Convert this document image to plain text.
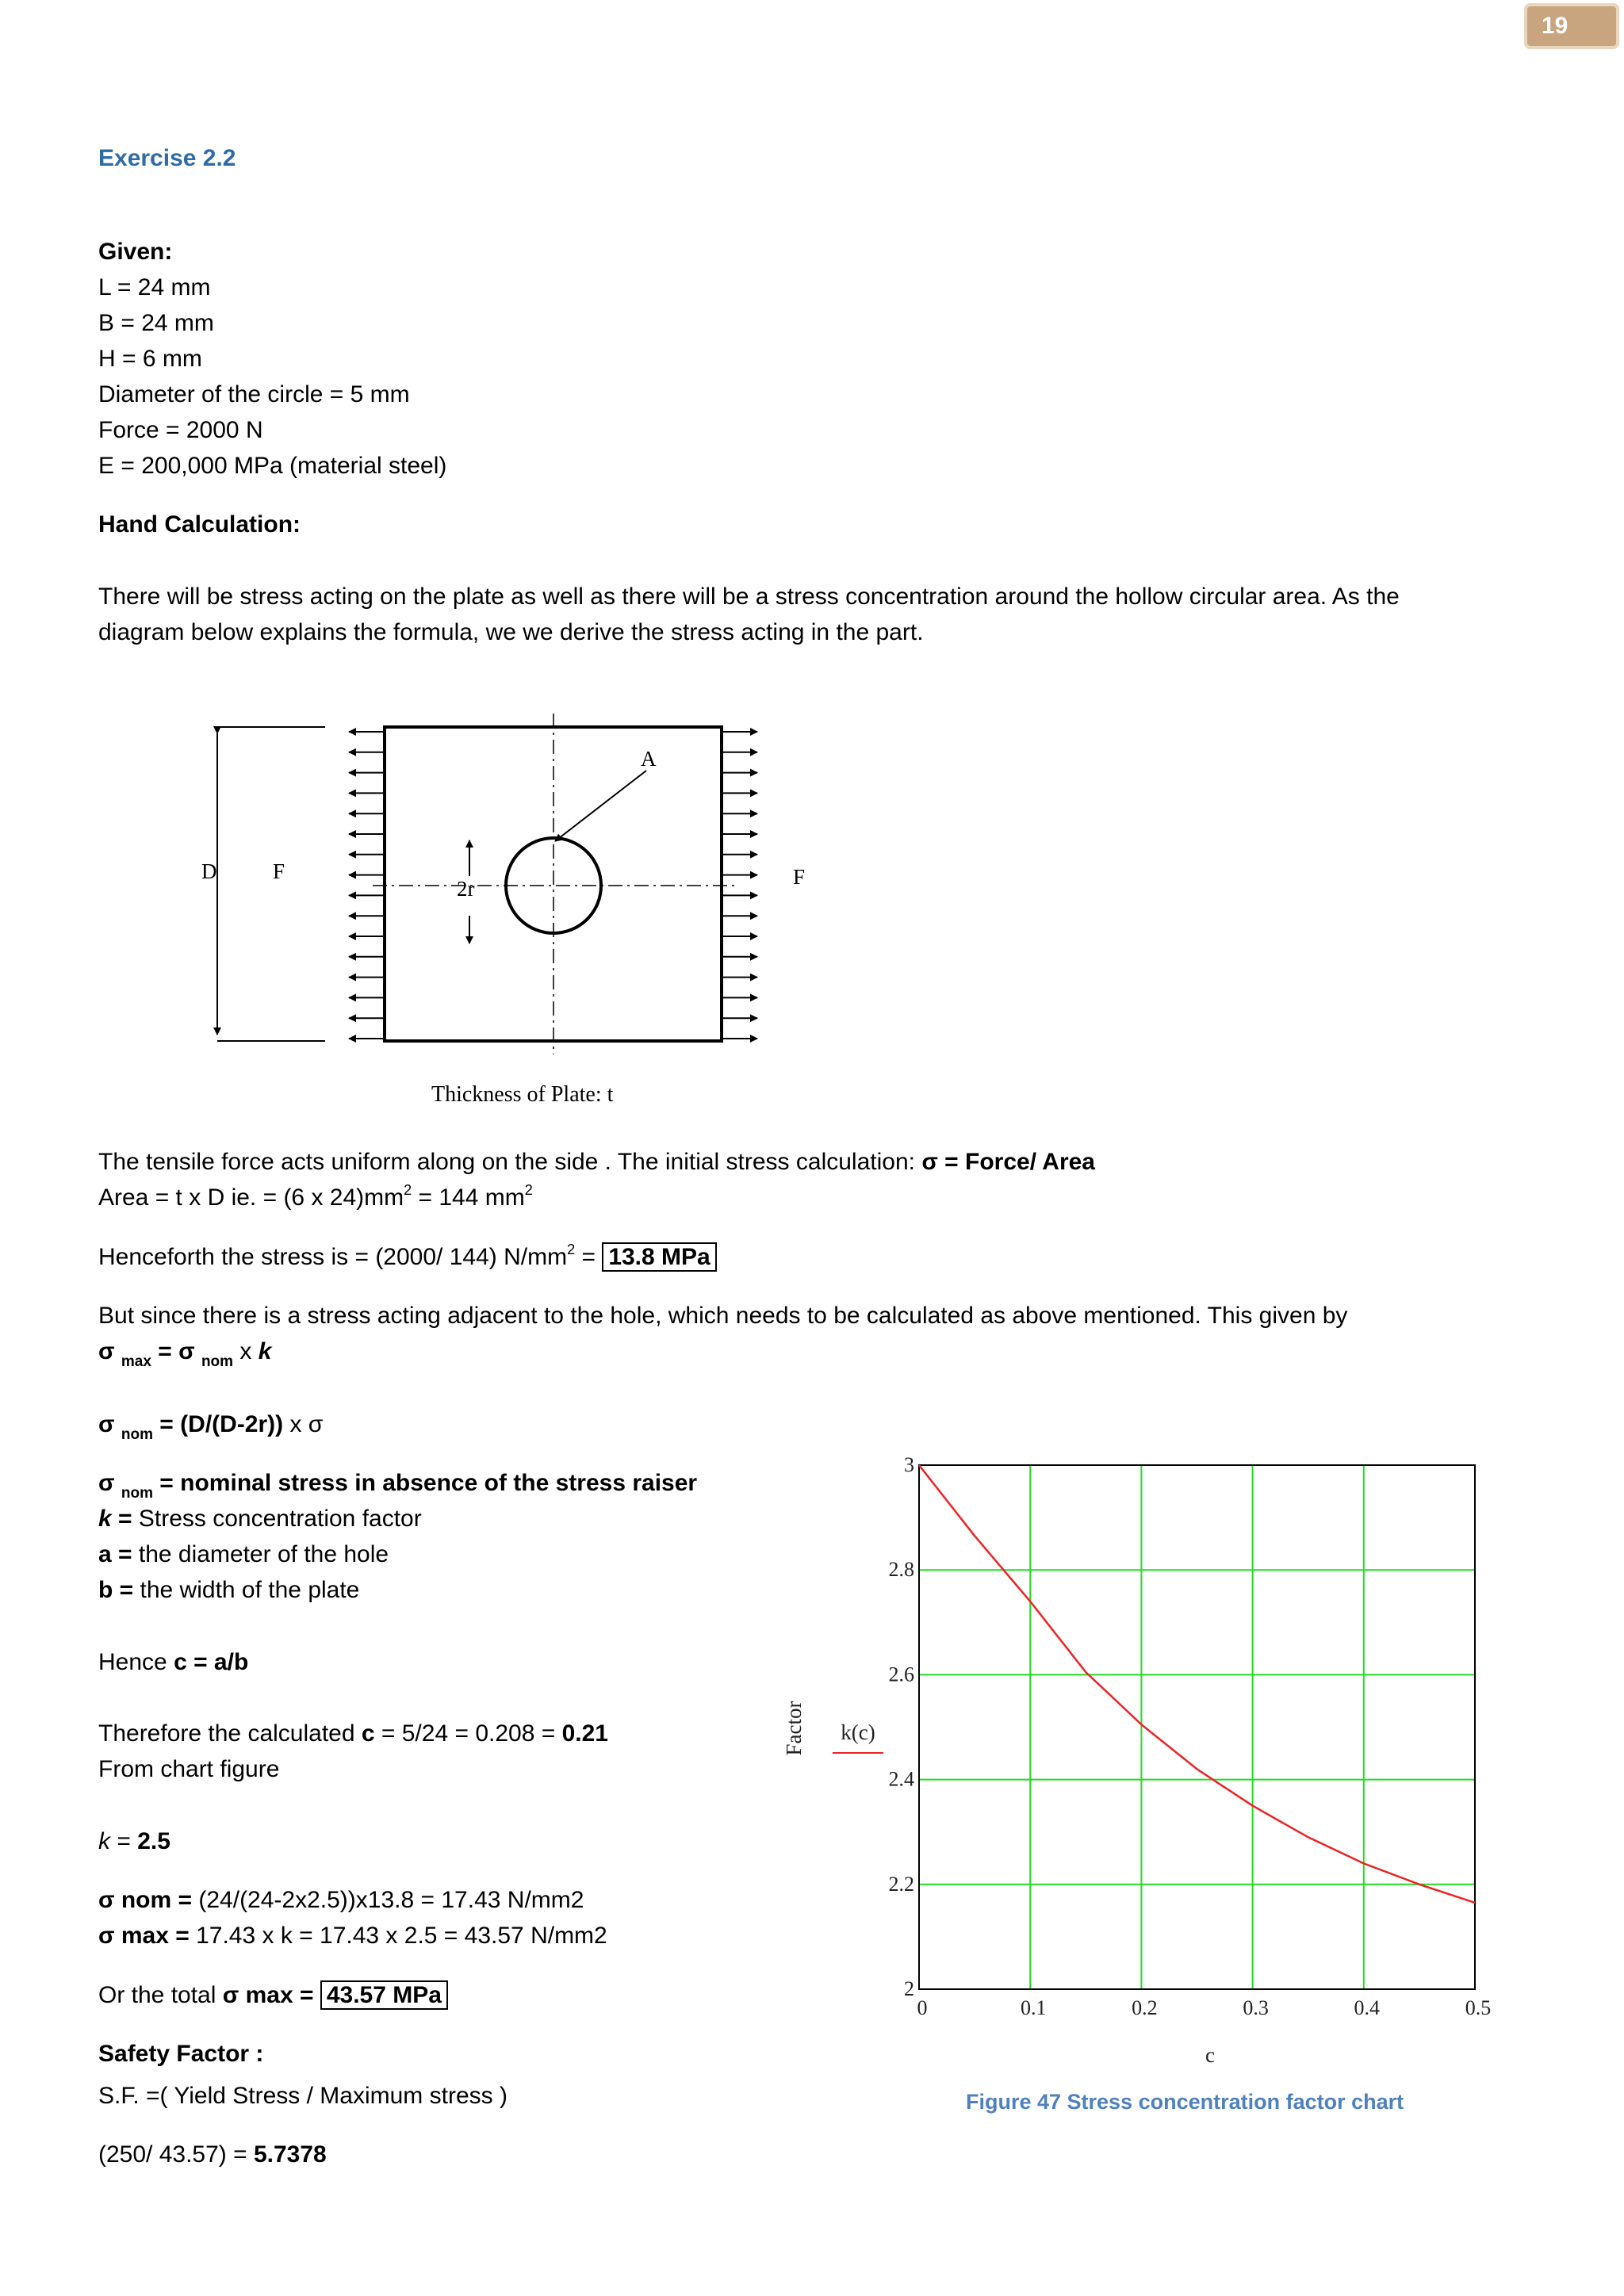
19
Exercise 2.2
Given:
L = 24 mm
B = 24 mm
H = 6 mm
Diameter of the circle = 5 mm
Force = 2000 N
E = 200,000 MPa (material steel)
Hand Calculation:
There will be stress acting on the plate as well as there will be a stress concentration around the hollow circular area. As the
diagram below explains the formula, we we derive the stress acting in the part.
A
D	F	F
2r
Thickness of Plate: t
The tensile force acts uniform along on the side . The initial stress calculation: σ = Force/ Area
Area = t x D ie. = (6 x $24)mm^2 = 144$ $mm^2$
Henceforth the stress is = (2000/ 144) $N/mm^2 = 13.8$ MPa
But since there is a stress acting adjacent to the hole, which needs to be calculated as above mentioned. This given by
σ $_{max}$ = σ $_{nom}$ x k
σ $_{nom}$ = (D/(D-2r)) x σ
σ $_{nom}$ = nominal stress in absence of the stress raiser
k = Stress concentration factor
a = the diameter of the hole
b = the width of the plate
Hence c = a/b
Therefore the calculated c = 5/24 = 0.208 = 0.21
From chart figure
k = 2.5
σ nom = (24/(24-2x2.5))x13.8 = 17.43 N/mm2
σ max = 17.43 x k = 17.43 x 2.5 = 43.57 N/mm2
Or the total σ max = 43.57 MPa
Safety Factor :
S.F. =( Yield Stress / Maximum stress )
(250/ 43.57) = 5.7378
0	0.1	0.2	0.3	0.4	0.5
2
2.2
2.4
2.6
2.8
3
Factor k(c)
c
Figure 47 Stress concentration factor chart
